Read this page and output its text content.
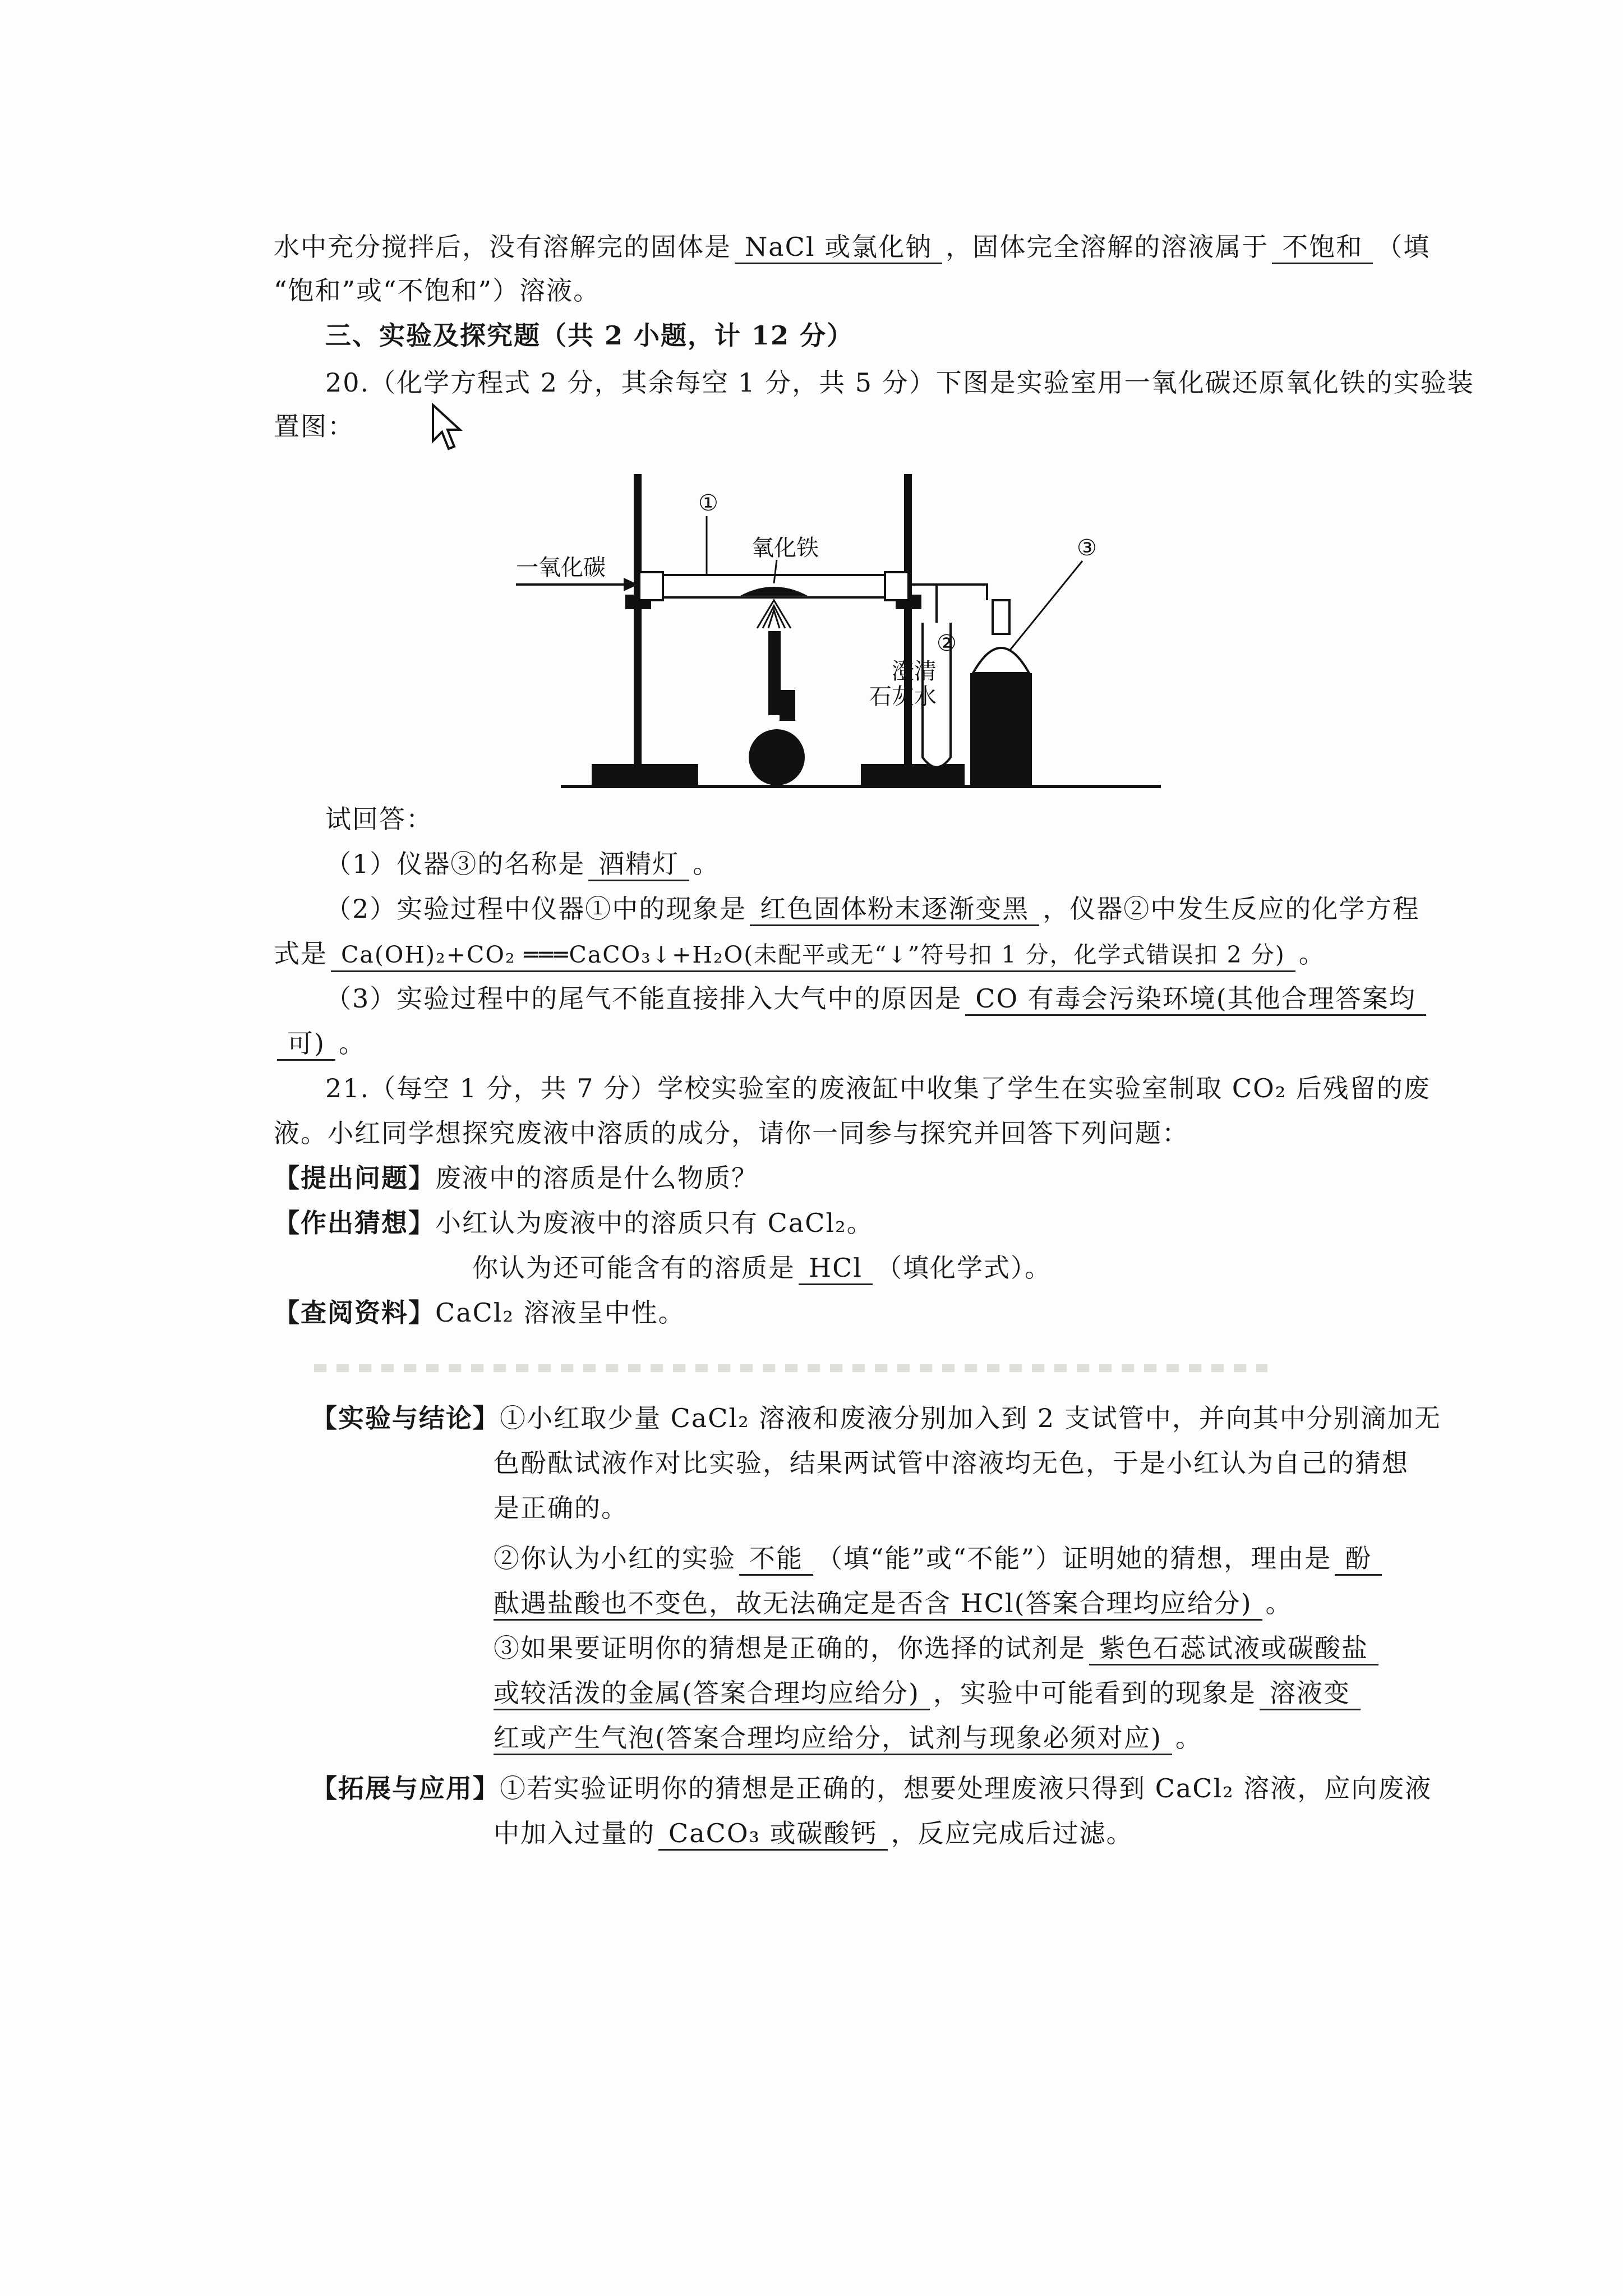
水中充分搅拌后，没有溶解完的固体是 NaCl 或氯化钠 ，固体完全溶解的溶液属于 不饱和 （填
“饱和”或“不饱和”）溶液。
三、实验及探究题（共 2 小题，计 12 分）
20.（化学方程式 2 分，其余每空 1 分，共 5 分）下图是实验室用一氧化碳还原氧化铁的实验装
置图：
一氧化碳
氧化铁
①
②
澄清
石灰水
③
试回答：
（1）仪器③的名称是 酒精灯 。
（2）实验过程中仪器①中的现象是 红色固体粉末逐渐变黑 ，仪器②中发生反应的化学方程
式是 Ca(OH)₂+CO₂ ═══CaCO₃↓+H₂O(未配平或无“↓”符号扣 1 分，化学式错误扣 2 分) 。
（3）实验过程中的尾气不能直接排入大气中的原因是 CO 有毒会污染环境(其他合理答案均
可) 。
21.（每空 1 分，共 7 分）学校实验室的废液缸中收集了学生在实验室制取 CO₂ 后残留的废
液。小红同学想探究废液中溶质的成分，请你一同参与探究并回答下列问题：
【提出问题】废液中的溶质是什么物质？
【作出猜想】小红认为废液中的溶质只有 CaCl₂。
你认为还可能含有的溶质是 HCl （填化学式）。
【查阅资料】CaCl₂ 溶液呈中性。
【实验与结论】①小红取少量 CaCl₂ 溶液和废液分别加入到 2 支试管中，并向其中分别滴加无
色酚酞试液作对比实验，结果两试管中溶液均无色，于是小红认为自己的猜想
是正确的。
②你认为小红的实验 不能 （填“能”或“不能”）证明她的猜想，理由是 酚
酞遇盐酸也不变色，故无法确定是否含 HCl(答案合理均应给分) 。
③如果要证明你的猜想是正确的，你选择的试剂是 紫色石蕊试液或碳酸盐
或较活泼的金属(答案合理均应给分) ，实验中可能看到的现象是 溶液变
红或产生气泡(答案合理均应给分，试剂与现象必须对应) 。
【拓展与应用】①若实验证明你的猜想是正确的，想要处理废液只得到 CaCl₂ 溶液，应向废液
中加入过量的 CaCO₃ 或碳酸钙 ，反应完成后过滤。
